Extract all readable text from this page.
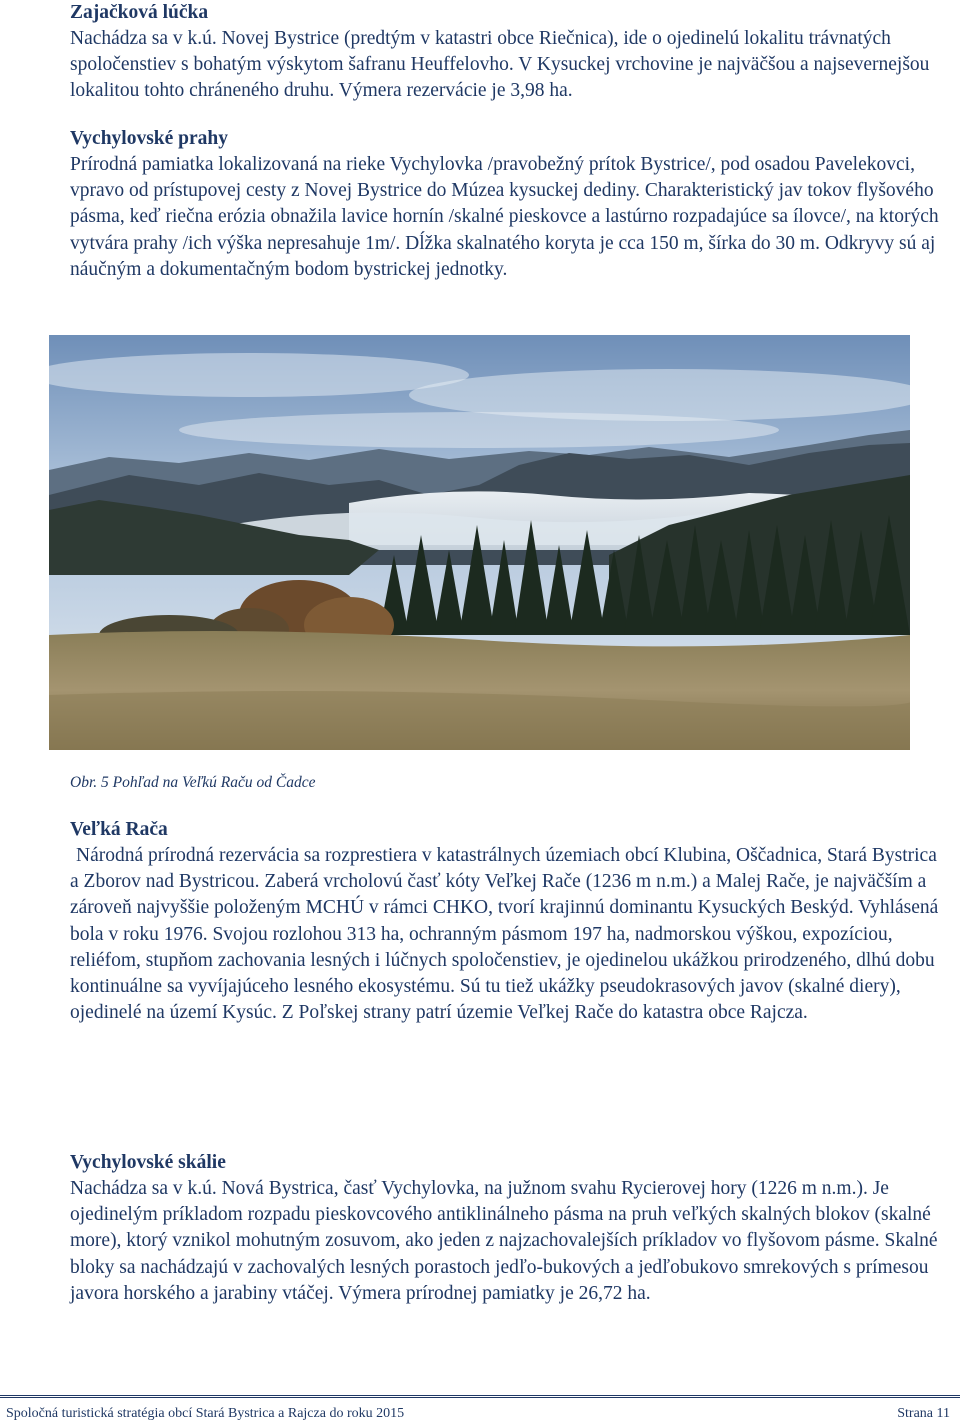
Zajačková lúčka

Nachádza sa v k.ú. Novej Bystrice (predtým v katastri obce Riečnica), ide o ojedinelú lokalitu trávnatých spoločenstiev s bohatým výskytom šafranu Heuffelovho. V Kysuckej vrchovine je najväčšou a najsevernejšou lokalitou tohto chráneného druhu. Výmera rezervácie je 3,98 ha.

Vychylovské prahy

Prírodná pamiatka lokalizovaná na rieke Vychylovka /pravobežný prítok Bystrice/, pod osadou Pavelekovci, vpravo od prístupovej cesty z Novej Bystrice do Múzea kysuckej dediny. Charakteristický jav tokov flyšového pásma, keď riečna erózia obnažila lavice hornín /skalné pieskovce a lastúrno rozpadajúce sa ílovce/, na ktorých vytvára prahy /ich výška nepresahuje 1m/. Dĺžka skalnatého koryta je cca 150 m, šírka do 30 m. Odkryvy sú aj náučným a dokumentačným bodom bystrickej jednotky.

Veľká Rača

Národná prírodná rezervácia sa rozprestiera v katastrálnych územiach obcí Klubina, Oščadnica, Stará Bystrica a Zborov nad Bystricou. Zaberá vrcholovú časť kóty Veľkej Rače (1236 m n.m.) a Malej Rače, je najväčším a zároveň najvyššie položeným MCHÚ v rámci CHKO, tvorí krajinnú dominantu Kysuckých Beskýd. Vyhlásená bola v roku 1976. Svojou rozlohou 313 ha, ochranným pásmom 197 ha, nadmorskou výškou, expozíciou, reliéfom, stupňom zachovania lesných i lúčnych spoločenstiev, je ojedinelou ukážkou prirodzeného, dlhú dobu kontinuálne sa vyvíjajúceho lesného ekosystému. Sú tu tiež ukážky pseudokrasových javov (skalné diery), ojedinelé na území Kysúc. Z Poľskej strany patrí územie Veľkej Rače do katastra obce Rajcza.

Vychylovské skálie

Nachádza sa v k.ú. Nová Bystrica, časť Vychylovka, na južnom svahu Rycierovej hory (1226 m n.m.). Je ojedinelým príkladom rozpadu pieskovcového antiklinálneho pásma na pruh veľkých skalných blokov (skalné more), ktorý vznikol mohutným zosuvom, ako jeden z najzachovalejších príkladov vo flyšovom pásme. Skalné bloky sa nachádzajú v zachovalých lesných porastoch jedľo-bukových a jedľobukovo smrekových s prímesou javora horského a jarabiny vtáčej. Výmera prírodnej pamiatky je 26,72 ha.

Obr. 5 Pohľad na Veľkú Raču od Čadce
Spoločná turistická stratégia obcí Stará Bystrica a Rajcza do roku 2015	Strana 11
